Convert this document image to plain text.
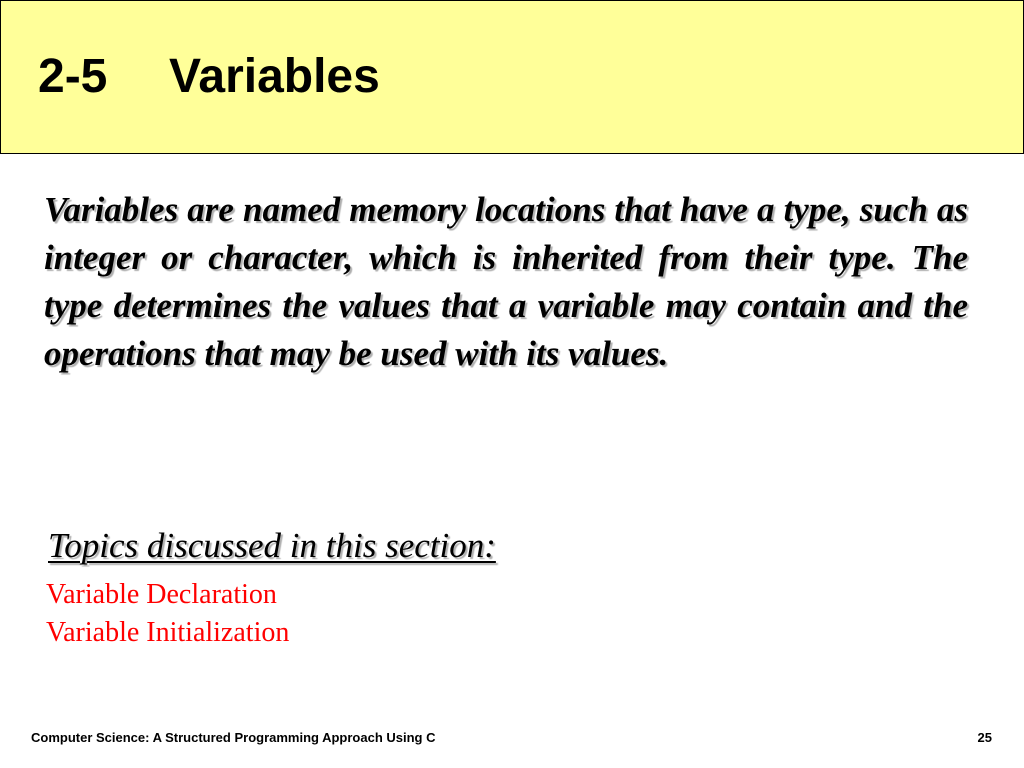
2-5 Variables

Variables are named memory locations that have a type, such as integer or character, which is inherited from their type. The type determines the values that a variable may contain and the operations that may be used with its values.

Topics discussed in this section:
Variable Declaration
Variable Initialization
Computer Science: A Structured Programming Approach Using C	25
